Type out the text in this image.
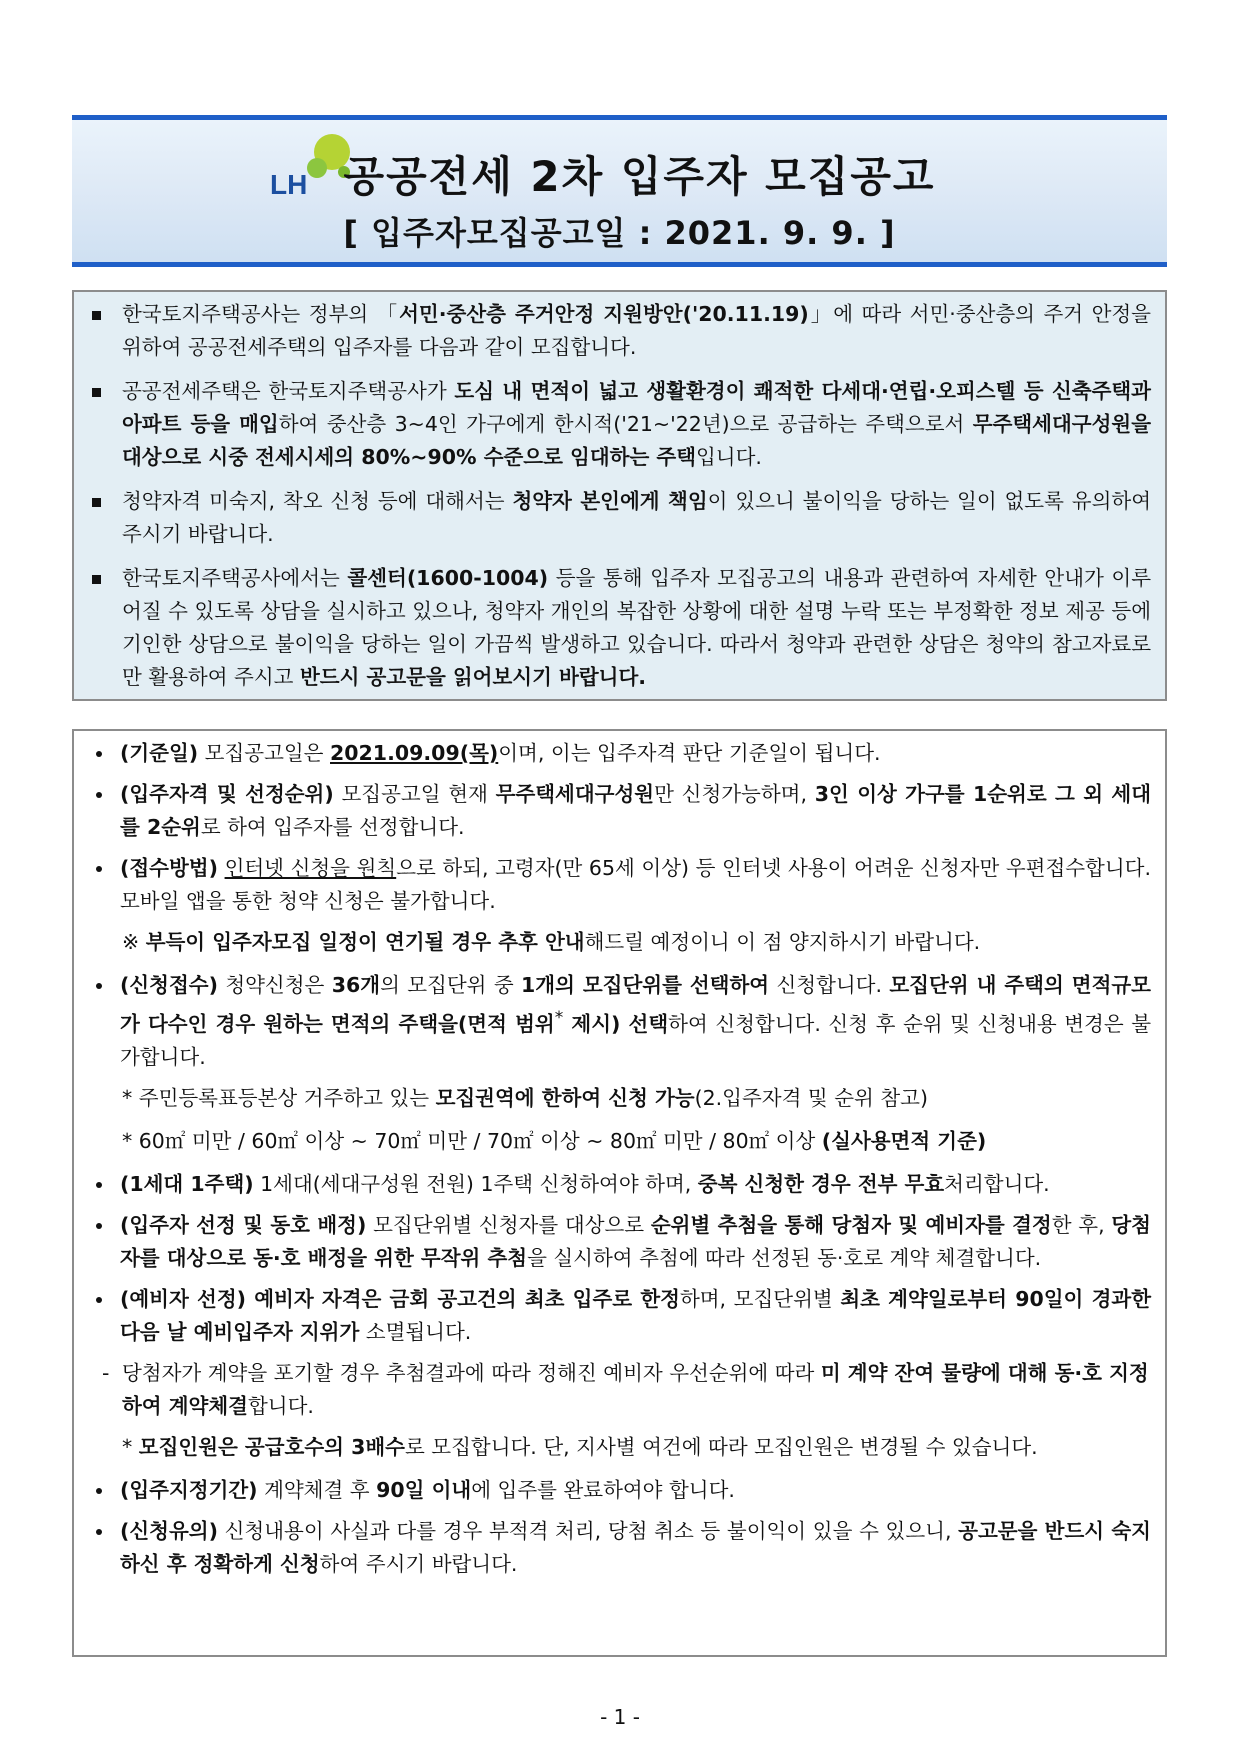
LH 공공전세 2차 입주자 모집공고
[ 입주자모집공고일 : 2021. 9. 9. ]
한국토지주택공사는 정부의 「서민·중산층 주거안정 지원방안('20.11.19)」에 따라 서민·중산층의 주거 안정을 위하여 공공전세주택의 입주자를 다음과 같이 모집합니다.
공공전세주택은 한국토지주택공사가 도심 내 면적이 넓고 생활환경이 쾌적한 다세대·연립·오피스텔 등 신축주택과 아파트 등을 매입하여 중산층 3~4인 가구에게 한시적('21~'22년)으로 공급하는 주택으로서 무주택세대구성원을 대상으로 시중 전세시세의 80%~90% 수준으로 임대하는 주택입니다.
청약자격 미숙지, 착오 신청 등에 대해서는 청약자 본인에게 책임이 있으니 불이익을 당하는 일이 없도록 유의하여 주시기 바랍니다.
한국토지주택공사에서는 콜센터(1600-1004) 등을 통해 입주자 모집공고의 내용과 관련하여 자세한 안내가 이루어질 수 있도록 상담을 실시하고 있으나, 청약자 개인의 복잡한 상황에 대한 설명 누락 또는 부정확한 정보 제공 등에 기인한 상담으로 불이익을 당하는 일이 가끔씩 발생하고 있습니다. 따라서 청약과 관련한 상담은 청약의 참고자료로만 활용하여 주시고 반드시 공고문을 읽어보시기 바랍니다.
(기준일) 모집공고일은 2021.09.09(목)이며, 이는 입주자격 판단 기준일이 됩니다.
(입주자격 및 선정순위) 모집공고일 현재 무주택세대구성원만 신청가능하며, 3인 이상 가구를 1순위로 그 외 세대를 2순위로 하여 입주자를 선정합니다.
(접수방법) 인터넷 신청을 원칙으로 하되, 고령자(만 65세 이상) 등 인터넷 사용이 어려운 신청자만 우편접수합니다. 모바일 앱을 통한 청약 신청은 불가합니다.
※ 부득이 입주자모집 일정이 연기될 경우 추후 안내해드릴 예정이니 이 점 양지하시기 바랍니다.
(신청접수) 청약신청은 36개의 모집단위 중 1개의 모집단위를 선택하여 신청합니다. 모집단위 내 주택의 면적규모가 다수인 경우 원하는 면적의 주택을(면적 범위* 제시) 선택하여 신청합니다. 신청 후 순위 및 신청내용 변경은 불가합니다.
* 주민등록표등본상 거주하고 있는 모집권역에 한하여 신청 가능(2.입주자격 및 순위 참고)
* 60㎡ 미만 / 60㎡ 이상 ~ 70㎡ 미만 / 70㎡ 이상 ~ 80㎡ 미만 / 80㎡ 이상 (실사용면적 기준)
(1세대 1주택) 1세대(세대구성원 전원) 1주택 신청하여야 하며, 중복 신청한 경우 전부 무효처리합니다.
(입주자 선정 및 동호 배정) 모집단위별 신청자를 대상으로 순위별 추첨을 통해 당첨자 및 예비자를 결정한 후, 당첨자를 대상으로 동·호 배정을 위한 무작위 추첨을 실시하여 추첨에 따라 선정된 동·호로 계약 체결합니다.
(예비자 선정) 예비자 자격은 금회 공고건의 최초 입주로 한정하며, 모집단위별 최초 계약일로부터 90일이 경과한 다음 날 예비입주자 지위가 소멸됩니다.
- 당첨자가 계약을 포기할 경우 추첨결과에 따라 정해진 예비자 우선순위에 따라 미 계약 잔여 물량에 대해 동·호 지정하여 계약체결합니다.
* 모집인원은 공급호수의 3배수로 모집합니다. 단, 지사별 여건에 따라 모집인원은 변경될 수 있습니다.
(입주지정기간) 계약체결 후 90일 이내에 입주를 완료하여야 합니다.
(신청유의) 신청내용이 사실과 다를 경우 부적격 처리, 당첨 취소 등 불이익이 있을 수 있으니, 공고문을 반드시 숙지하신 후 정확하게 신청하여 주시기 바랍니다.
- 1 -
